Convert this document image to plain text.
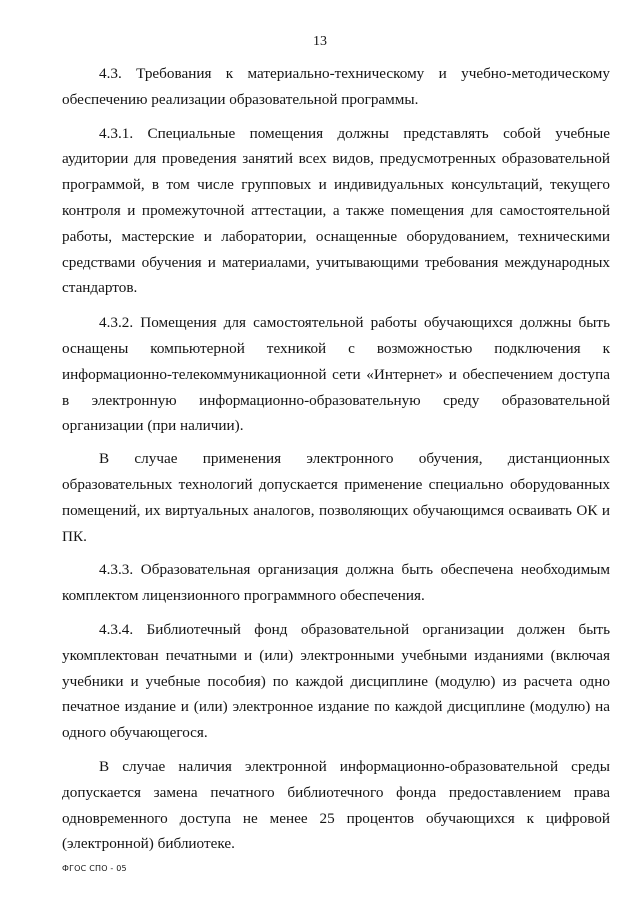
13

4.3. Требования к материально-техническому и учебно-методическому обеспечению реализации образовательной программы.

4.3.1. Специальные помещения должны представлять собой учебные аудитории для проведения занятий всех видов, предусмотренных образовательной программой, в том числе групповых и индивидуальных консультаций, текущего контроля и промежуточной аттестации, а также помещения для самостоятельной работы, мастерские и лаборатории, оснащенные оборудованием, техническими средствами обучения и материалами, учитывающими требования международных стандартов.

4.3.2. Помещения для самостоятельной работы обучающихся должны быть оснащены компьютерной техникой с возможностью подключения к информационно-телекоммуникационной сети «Интернет» и обеспечением доступа в электронную информационно-образовательную среду образовательной организации (при наличии).

В случае применения электронного обучения, дистанционных образовательных технологий допускается применение специально оборудованных помещений, их виртуальных аналогов, позволяющих обучающимся осваивать ОК и ПК.

4.3.3. Образовательная организация должна быть обеспечена необходимым комплектом лицензионного программного обеспечения.

4.3.4. Библиотечный фонд образовательной организации должен быть укомплектован печатными и (или) электронными учебными изданиями (включая учебники и учебные пособия) по каждой дисциплине (модулю) из расчета одно печатное издание и (или) электронное издание по каждой дисциплине (модулю) на одного обучающегося.

В случае наличия электронной информационно-образовательной среды допускается замена печатного библиотечного фонда предоставлением права одновременного доступа не менее 25 процентов обучающихся к цифровой (электронной) библиотеке.

ФГОС СПО - 05
